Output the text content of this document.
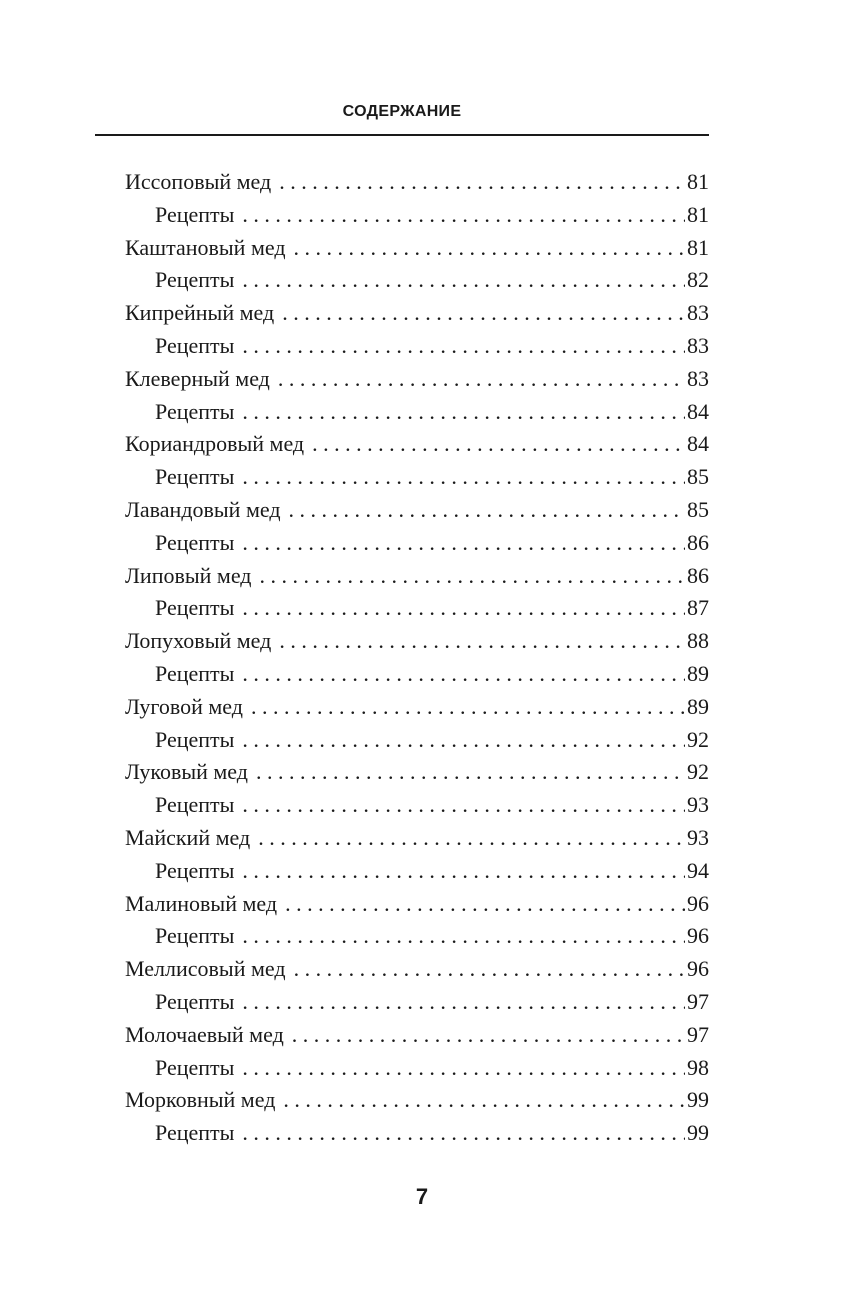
СОДЕРЖАНИЕ
Иссоповый мед . . .	81
Рецепты . . .	81
Каштановый мед . . .	81
Рецепты . . .	82
Кипрейный мед . . .	83
Рецепты . . .	83
Клеверный мед . . .	83
Рецепты . . .	84
Кориандровый мед . . .	84
Рецепты . . .	85
Лавандовый мед . . .	85
Рецепты . . .	86
Липовый мед . . .	86
Рецепты . . .	87
Лопуховый мед . . .	88
Рецепты . . .	89
Луговой мед . . .	89
Рецепты . . .	92
Луковый мед . . .	92
Рецепты . . .	93
Майский мед . . .	93
Рецепты . . .	94
Малиновый мед . . .	96
Рецепты . . .	96
Меллисовый мед . . .	96
Рецепты . . .	97
Молочаевый мед . . .	97
Рецепты . . .	98
Морковный мед . . .	99
Рецепты . . .	99
7
